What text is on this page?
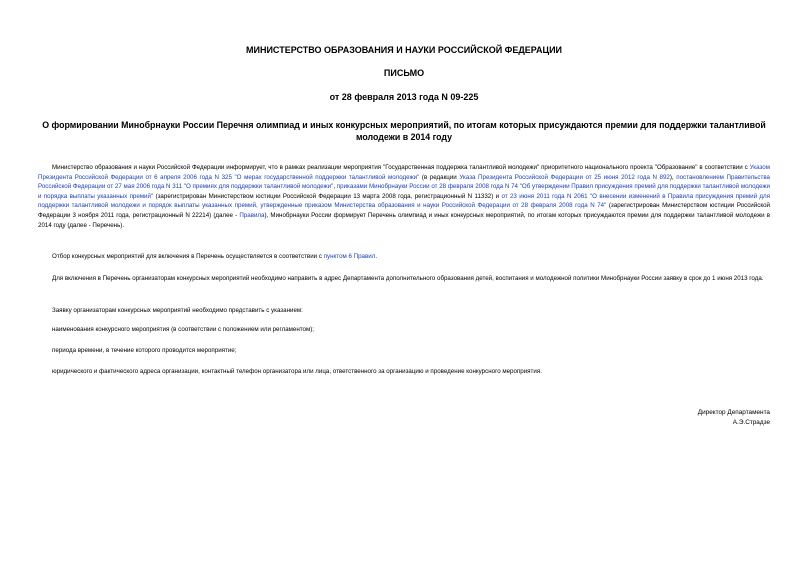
МИНИСТЕРСТВО ОБРАЗОВАНИЯ И НАУКИ РОССИЙСКОЙ ФЕДЕРАЦИИ
ПИСЬМО
от 28 февраля 2013 года N 09-225
О формировании Минобрнауки России Перечня олимпиад и иных конкурсных мероприятий, по итогам которых присуждаются премии для поддержки талантливой молодежи в 2014 году

Министерство образования и науки Российской Федерации информирует, что в рамках реализации мероприятия "Государственная поддержка талантливой молодежи" приоритетного национального проекта "Образование" в соответствии с Указом Президента Российской Федерации от 6 апреля 2006 года N 325 "О мерах государственной поддержки талантливой молодежи" (в редакции Указа Президента Российской Федерации от 25 июня 2012 года N 892), постановлением Правительства Российской Федерации от 27 мая 2006 года N 311 "О премиях для поддержки талантливой молодежи", приказами Минобрнауки России от 28 февраля 2008 года N 74 "Об утверждении Правил присуждения премий для поддержки талантливой молодежи и порядка выплаты указанных премий" (зарегистрирован Министерством юстиции Российской Федерации 13 марта 2008 года, регистрационный N 11332) и от 23 июня 2011 года N 2061 "О внесении изменений в Правила присуждения премий для поддержки талантливой молодежи и порядок выплаты указанных премий, утвержденные приказом Министерства образования и науки Российской Федерации от 28 февраля 2008 года N 74" (зарегистрирован Министерством юстиции Российской Федерации 3 ноября 2011 года, регистрационный N 22214) (далее - Правила), Минобрнауки России формирует Перечень олимпиад и иных конкурсных мероприятий, по итогам которых присуждаются премии для поддержки талантливой молодежи в 2014 году (далее - Перечень).

Отбор конкурсных мероприятий для включения в Перечень осуществляется в соответствии с пунктом 6 Правил.

Для включения в Перечень организаторам конкурсных мероприятий необходимо направить в адрес Департамента дополнительного образования детей, воспитания и молодежной политики Минобрнауки России заявку в срок до 1 июня 2013 года.

Заявку организаторам конкурсных мероприятий необходимо представить с указанием:

наименования конкурсного мероприятия (в соответствии с положением или регламентом);

периода времени, в течение которого проводится мероприятие;

юридического и фактического адреса организации, контактный телефон организатора или лица, ответственного за организацию и проведение конкурсного мероприятия.

Директор Департамента
А.Э.Страдзе
